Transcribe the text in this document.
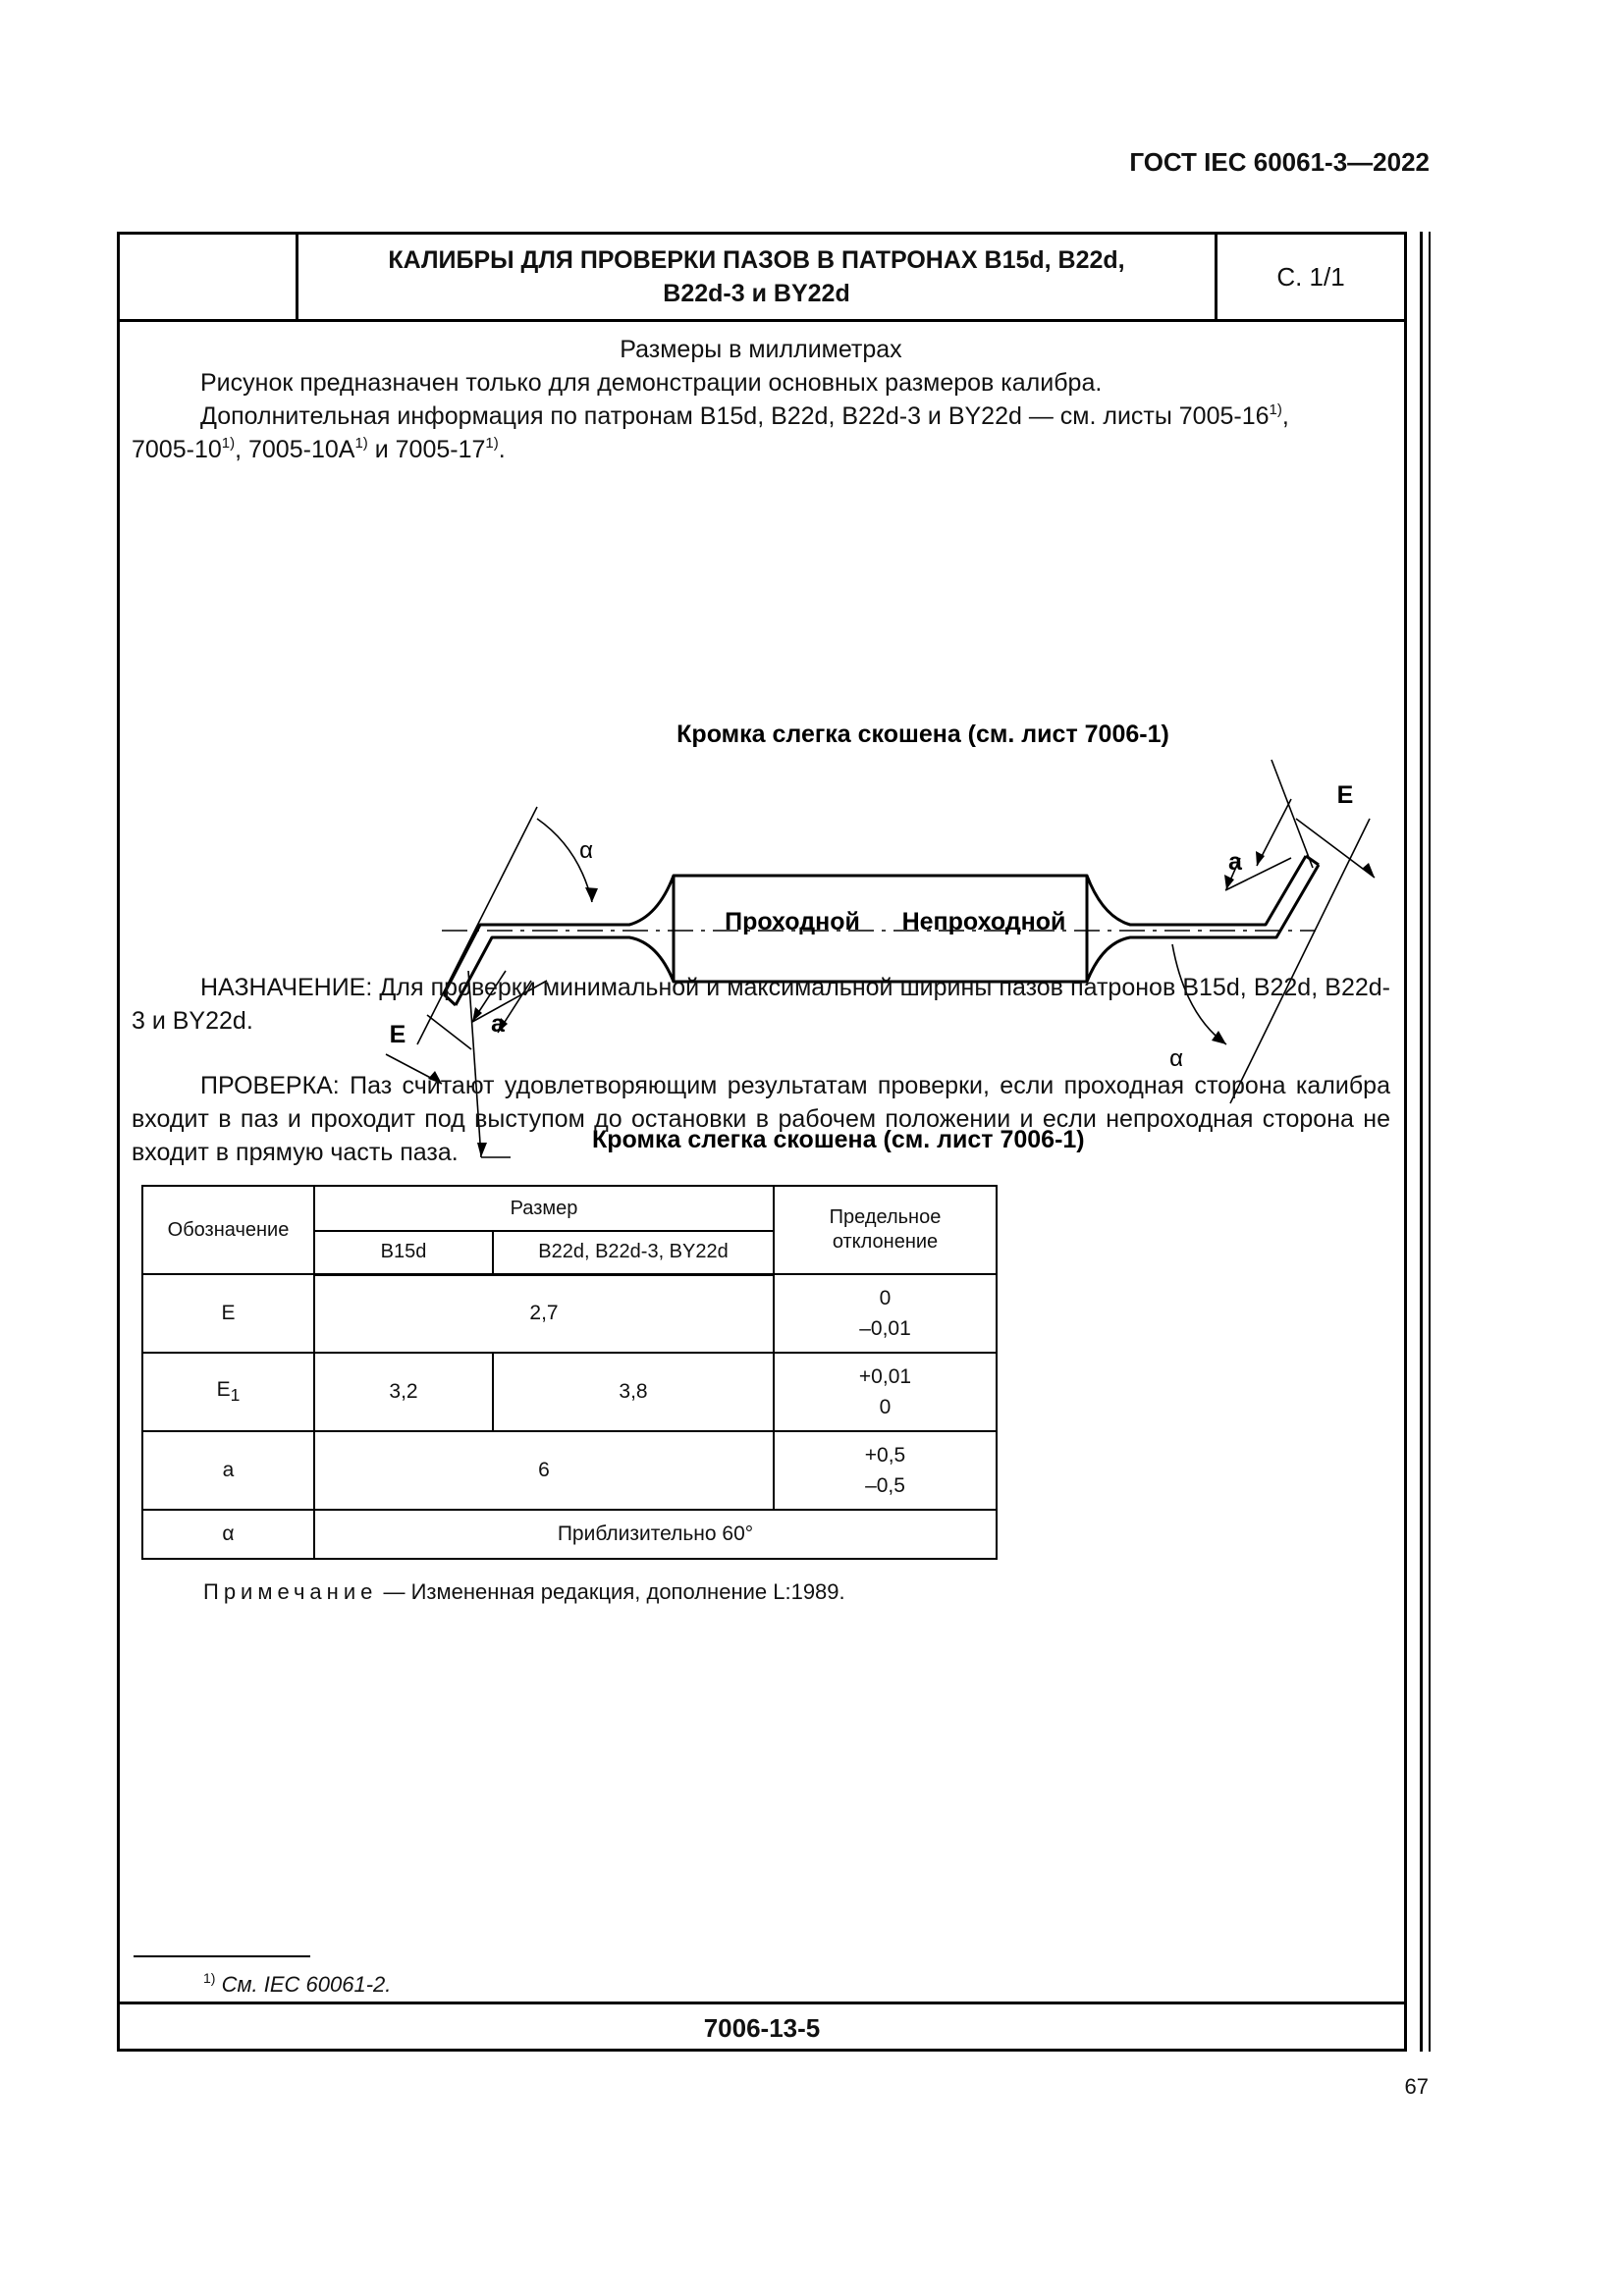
ГОСТ IEC 60061-3—2022
КАЛИБРЫ ДЛЯ ПРОВЕРКИ ПАЗОВ В ПАТРОНАХ B15d, B22d,
B22d-3 и BY22d
С. 1/1
Размеры в миллиметрах

Рисунок предназначен только для демонстрации основных размеров калибра.

Дополнительная информация по патронам B15d, B22d, B22d-3 и BY22d — см. листы 7005-16$^{1)}$,
7005-10$^{1)}$, $7005-10A^{1)}$ и 7005-17$^{1)}$.

Кромка слегка скошена (см. лист 7006-1)
Проходной Непроходной
Кромка слегка скошена (см. лист 7006-1)
α
α
a
a
E
E

НАЗНАЧЕНИЕ: Для проверки минимальной и максимальной ширины пазов патронов B15d, B22d, B22d-3 и BY22d.

ПРОВЕРКА: Паз считают удовлетворяющим результатам проверки, если проходная сторона калибра входит в паз и проходит под выступом до остановки в рабочем положении и если непроходная сторона не входит в прямую часть паза.

Обозначение	Размер		Предельное
отклонение

	B15d	B22d, B22d-3, BY22d	
E	2,7		0
–0,01

$E_1$	3,2	3,8	+0,01
0

a	6		+0,5
–0,5

α	Приблизительно 60°		
Примечание — Измененная редакция, дополнение L:1989.
$^{1)}$ См. IEC 60061-2.
7006-13-5
67
